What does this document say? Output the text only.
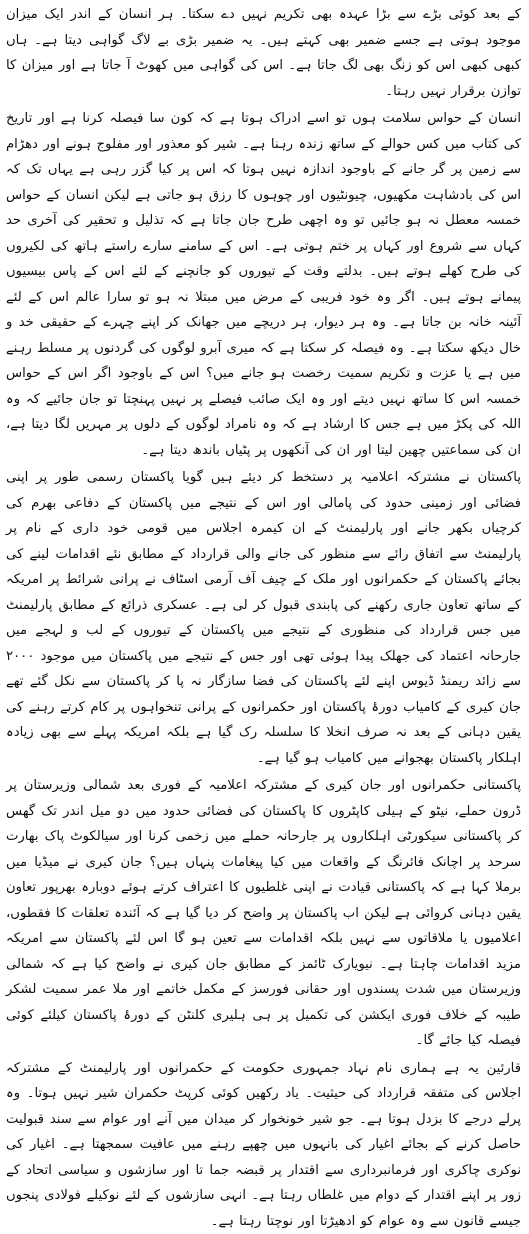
کے بعد کوئی بڑے سے بڑا عہدہ بھی تکریم نہیں دے سکتا۔ ہر انسان کے اندر ایک میزان موجود ہوتی ہے جسے ضمیر بھی کہتے ہیں۔ یہ ضمیر بڑی بے لاگ گواہی دیتا ہے۔ ہاں کبھی کبھی اس کو زنگ بھی لگ جاتا ہے۔ اس کی گواہی میں کھوٹ آ جاتا ہے اور میزان کا توازن برقرار نہیں رہتا۔

انسان کے حواس سلامت ہوں تو اسے ادراک ہوتا ہے کہ کون سا فیصلہ کرنا ہے اور تاریخ کی کتاب میں کس حوالے کے ساتھ زندہ رہنا ہے۔ شیر کو معذور اور مفلوج ہونے اور دھڑام سے زمین پر گر جانے کے باوجود اندازہ نہیں ہوتا کہ اس پر کیا گزر رہی ہے یہاں تک کہ اس کی بادشاہت مکھیوں، چیونٹیوں اور چوہوں کا رزق ہو جاتی ہے لیکن انسان کے حواس خمسہ معطل نہ ہو جائیں تو وہ اچھی طرح جان جاتا ہے کہ تذلیل و تحقیر کی آخری حد کہاں سے شروع اور کہاں پر ختم ہوتی ہے۔ اس کے سامنے سارے راستے ہاتھ کی لکیروں کی طرح کھلے ہوتے ہیں۔ بدلتے وقت کے تیوروں کو جانچنے کے لئے اس کے پاس بیسیوں پیمانے ہوتے ہیں۔ اگر وہ خود فریبی کے مرض میں مبتلا نہ ہو تو سارا عالم اس کے لئے آئینہ خانہ بن جاتا ہے۔ وہ ہر دیوار، ہر دریچے میں جھانک کر اپنے چہرے کے حقیقی خد و خال دیکھ سکتا ہے۔ وہ فیصلہ کر سکتا ہے کہ میری آبرو لوگوں کی گردنوں پر مسلط رہنے میں ہے یا عزت و تکریم سمیت رخصت ہو جانے میں؟ اس کے باوجود اگر اس کے حواس خمسہ اس کا ساتھ نہیں دیتے اور وہ ایک صائب فیصلے پر نہیں پہنچتا تو جان جائیے کہ وہ اللہ کی پکڑ میں ہے جس کا ارشاد ہے کہ وہ نامراد لوگوں کے دلوں پر مہریں لگا دیتا ہے، ان کی سماعتیں چھین لیتا اور ان کی آنکھوں پر پٹیاں باندھ دیتا ہے۔

پاکستان نے مشترکہ اعلامیہ پر دستخط کر دیئے ہیں گویا پاکستان رسمی طور پر اپنی فضائی اور زمینی حدود کی پامالی اور اس کے نتیجے میں پاکستان کے دفاعی بھرم کی کرچیاں بکھر جانے اور پارلیمنٹ کے ان کیمرہ اجلاس میں قومی خود داری کے نام پر پارلیمنٹ سے اتفاق رائے سے منظور کی جانے والی قرارداد کے مطابق نئے اقدامات لینے کی بجائے پاکستان کے حکمرانوں اور ملک کے چیف آف آرمی اسٹاف نے پرانی شرائط پر امریکہ کے ساتھ تعاون جاری رکھنے کی پابندی قبول کر لی ہے۔ عسکری ذرائع کے مطابق پارلیمنٹ میں جس قرارداد کی منظوری کے نتیجے میں پاکستان کے تیوروں کے لب و لہجے میں جارحانہ اعتماد کی جھلک پیدا ہوئی تھی اور جس کے نتیجے میں پاکستان میں موجود ۲۰۰۰ سے زائد ریمنڈ ڈیوس اپنے لئے پاکستان کی فضا سازگار نہ پا کر پاکستان سے نکل گئے تھے جان کیری کے کامیاب دورۂ پاکستان اور حکمرانوں کے پرانی تنخواہوں پر کام کرتے رہنے کی یقین دہانی کے بعد نہ صرف انخلا کا سلسلہ رک گیا ہے بلکہ امریکہ پہلے سے بھی زیادہ اہلکار پاکستان بھجوانے میں کامیاب ہو گیا ہے۔

پاکستانی حکمرانوں اور جان کیری کے مشترکہ اعلامیہ کے فوری بعد شمالی وزیرستان پر ڈرون حملے، نیٹو کے ہیلی کاپٹروں کا پاکستان کی فضائی حدود میں دو میل اندر تک گھس کر پاکستانی سیکورٹی اہلکاروں پر جارحانہ حملے میں زخمی کرنا اور سیالکوٹ پاک بھارت سرحد پر اچانک فائرنگ کے واقعات میں کیا پیغامات پنہاں ہیں؟ جان کیری نے میڈیا میں برملا کہا ہے کہ پاکستانی قیادت نے اپنی غلطیوں کا اعتراف کرتے ہوئے دوبارہ بھرپور تعاون یقین دہانی کروائی ہے لیکن اب پاکستان پر واضح کر دیا گیا ہے کہ آئندہ تعلقات کا فقطوں، اعلامیوں یا ملاقاتوں سے نہیں بلکہ اقدامات سے تعین ہو گا اس لئے پاکستان سے امریکہ مزید اقدامات چاہتا ہے۔ نیویارک ٹائمز کے مطابق جان کیری نے واضح کیا ہے کہ شمالی وزیرستان میں شدت پسندوں اور حقانی فورسز کے مکمل خاتمے اور ملا عمر سمیت لشکر طیبہ کے خلاف فوری ایکشن کی تکمیل پر ہی ہلیری کلنٹن کے دورۂ پاکستان کیلئے کوئی فیصلہ کیا جائے گا۔

قارئین یہ ہے ہماری نام نہاد جمہوری حکومت کے حکمرانوں اور پارلیمنٹ کے مشترکہ اجلاس کی متفقہ قرارداد کی حیثیت۔ یاد رکھیں کوئی کرپٹ حکمران شیر نہیں ہوتا۔ وہ پرلے درجے کا بزدل ہوتا ہے۔ جو شیر خونخوار کر میدان میں آنے اور عوام سے سند قبولیت حاصل کرنے کے بجائے اغیار کی بانہوں میں چھپے رہنے میں عافیت سمجھتا ہے۔ اغیار کی نوکری چاکری اور فرمانبرداری سے اقتدار پر قبضہ جما تا اور سازشوں و سیاسی اتحاد کے زور پر اپنے اقتدار کے دوام میں غلطاں رہتا ہے۔ انہی سازشوں کے لئے نوکیلے فولادی پنجوں جیسے قانون سے وہ عوام کو ادھیڑتا اور نوچتا رہتا ہے۔
